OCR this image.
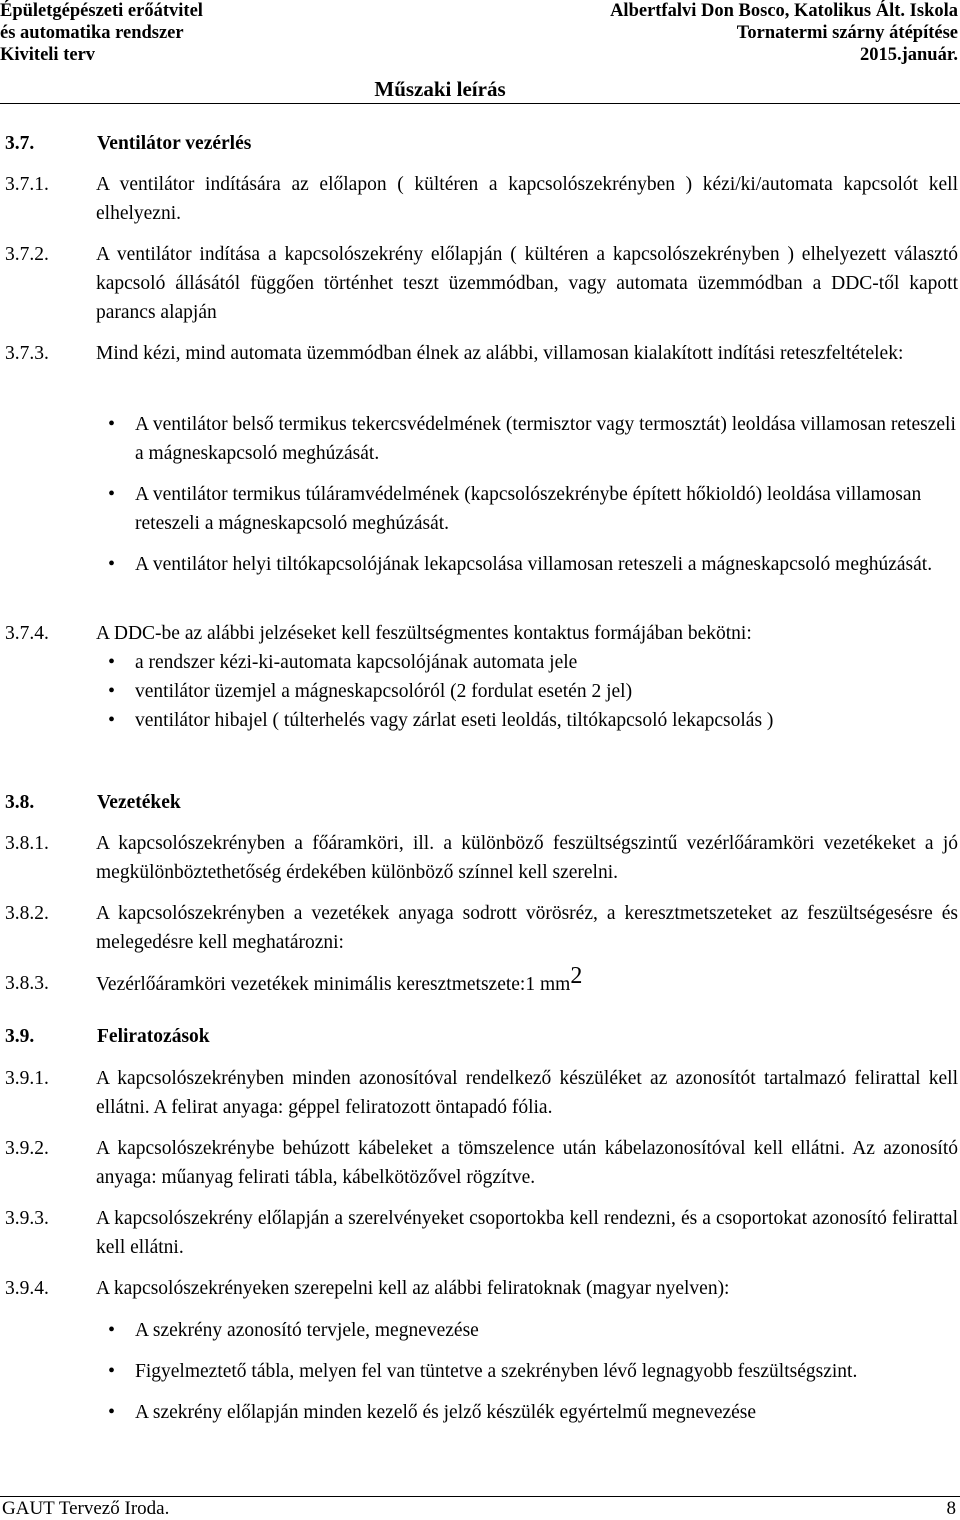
Épületgépészeti erőátvitel
és automatika rendszer
Kiviteli terv
Albertfalvi Don Bosco, Katolikus Ált. Iskola
Tornatermi szárny átépítése
2015.január.
Műszaki leírás
3.7.	Ventilátor vezérlés
3.7.1. A ventilátor indítására az előlapon ( kültéren a kapcsolószekrényben ) kézi/ki/automata kapcsolót kell elhelyezni.
3.7.2. A ventilátor indítása a kapcsolószekrény előlapján ( kültéren a kapcsolószekrényben ) elhelyezett választó kapcsoló állásától függően történhet teszt üzemmódban, vagy automata üzemmódban a DDC-től kapott parancs alapján
3.7.3. Mind kézi, mind automata üzemmódban élnek az alábbi, villamosan kialakított indítási reteszfeltételek:
• A ventilátor belső termikus tekercsvédelmének (termisztor vagy termosztát) leoldása villamosan reteszeli a mágneskapcsoló meghúzását.
• A ventilátor termikus túláramvédelmének (kapcsolószekrénybe épített hőkioldó) leoldása villamosan reteszeli a mágneskapcsoló meghúzását.
• A ventilátor helyi tiltókapcsolójának lekapcsolása villamosan reteszeli a mágneskapcsoló meghúzását.
3.7.4. A DDC-be az alábbi jelzéseket kell feszültségmentes kontaktus formájában bekötni:
• a rendszer kézi-ki-automata kapcsolójának automata jele
• ventilátor üzemjel a mágneskapcsolóról (2 fordulat esetén 2 jel)
• ventilátor hibajel ( túlterhelés vagy zárlat eseti leoldás, tiltókapcsoló lekapcsolás )
3.8.	Vezetékek
3.8.1. A kapcsolószekrényben a főáramköri, ill. a különböző feszültségszintű vezérlőáramköri vezetékeket a jó megkülönböztethetőség érdekében különböző színnel kell szerelni.
3.8.2. A kapcsolószekrényben a vezetékek anyaga sodrott vörösréz, a keresztmetszeteket az feszültségesésre és melegedésre kell meghatározni:
3.8.3. Vezérlőáramköri vezetékek minimális keresztmetszete:1 mm2
3.9.	Feliratozások
3.9.1. A kapcsolószekrényben minden azonosítóval rendelkező készüléket az azonosítót tartalmazó felirattal kell ellátni. A felirat anyaga: géppel feliratozott öntapadó fólia.
3.9.2. A kapcsolószekrénybe behúzott kábeleket a tömszelence után kábelazonosítóval kell ellátni. Az azonosító anyaga: műanyag felirati tábla, kábelkötözővel rögzítve.
3.9.3. A kapcsolószekrény előlapján a szerelvényeket csoportokba kell rendezni, és a csoportokat azonosító felirattal kell ellátni.
3.9.4. A kapcsolószekrényeken szerepelni kell az alábbi feliratoknak (magyar nyelven):
• A szekrény azonosító tervjele, megnevezése
• Figyelmeztető tábla, melyen fel van tüntetve a szekrényben lévő legnagyobb feszültségszint.
• A szekrény előlapján minden kezelő és jelző készülék egyértelmű megnevezése
GAUT Tervező Iroda.	8
